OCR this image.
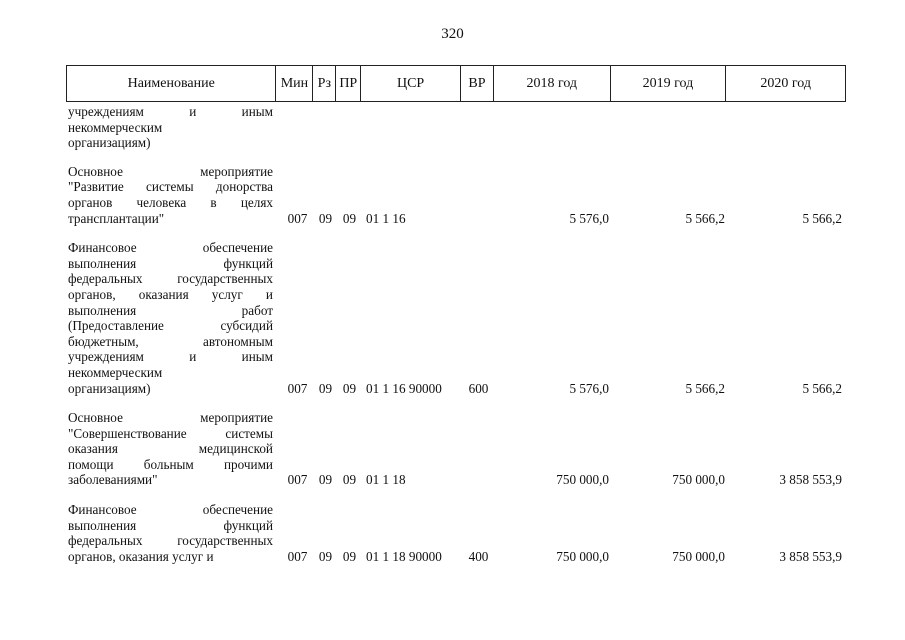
320
Наименование	Мин Рз ПР	ЦСР	ВР	2018 год	2019 год	2020 год
учреждениям и иным
некоммерческим
организациям)
Основное мероприятие
"Развитие системы донорства
органов человека в целях
трансплантации"	007 09 09 01 1 16	5 576,0	5 566,2	5 566,2
Финансовое обеспечение
выполнения функций
федеральных государственных
органов, оказания услуг и
выполнения работ
(Предоставление субсидий
бюджетным, автономным
учреждениям и иным
некоммерческим
организациям)	007 09 09 01 1 16 90000	600	5 576,0	5 566,2	5 566,2
Основное мероприятие
"Совершенствование системы
оказания медицинской
помощи больным прочими
заболеваниями"	007 09 09 01 1 18	750 000,0	750 000,0	3 858 553,9
Финансовое обеспечение
выполнения функций
федеральных государственных
органов, оказания услуг и	007 09 09 01 1 18 90000	400	750 000,0	750 000,0	3 858 553,9
